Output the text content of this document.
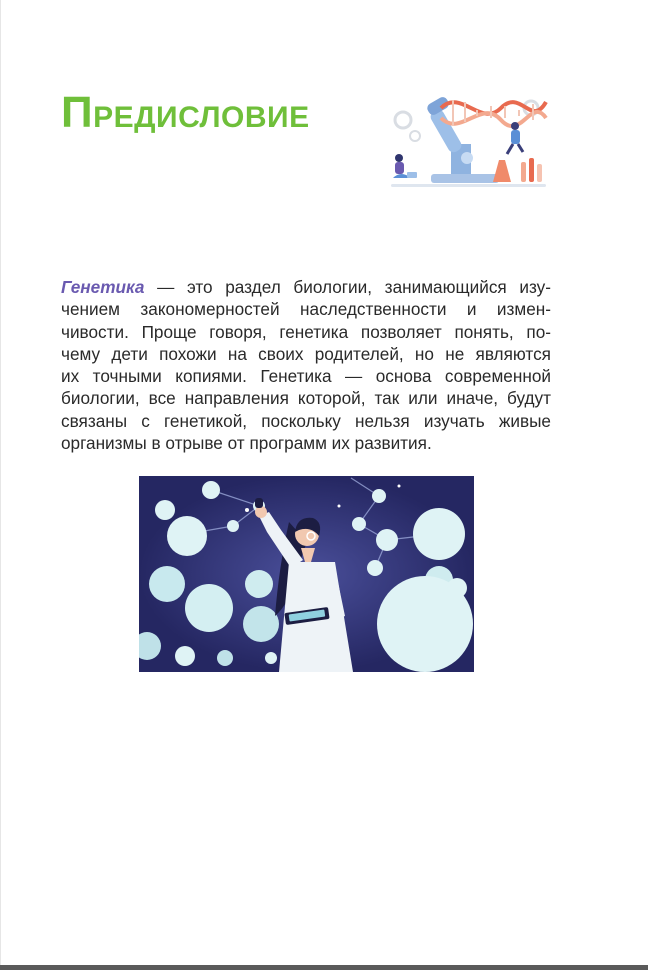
ПРЕДИСЛОВИЕ

Генетика — это раздел биологии, занимающийся изу-
чением закономерностей наследственности и измен-
чивости. Проще говоря, генетика позволяет понять, по-
чему дети похожи на своих родителей, но не являются
их точными копиями. Генетика — основа современной
биологии, все направления которой, так или иначе, будут
связаны с генетикой, поскольку нельзя изучать живые
организмы в отрыве от программ их развития.
